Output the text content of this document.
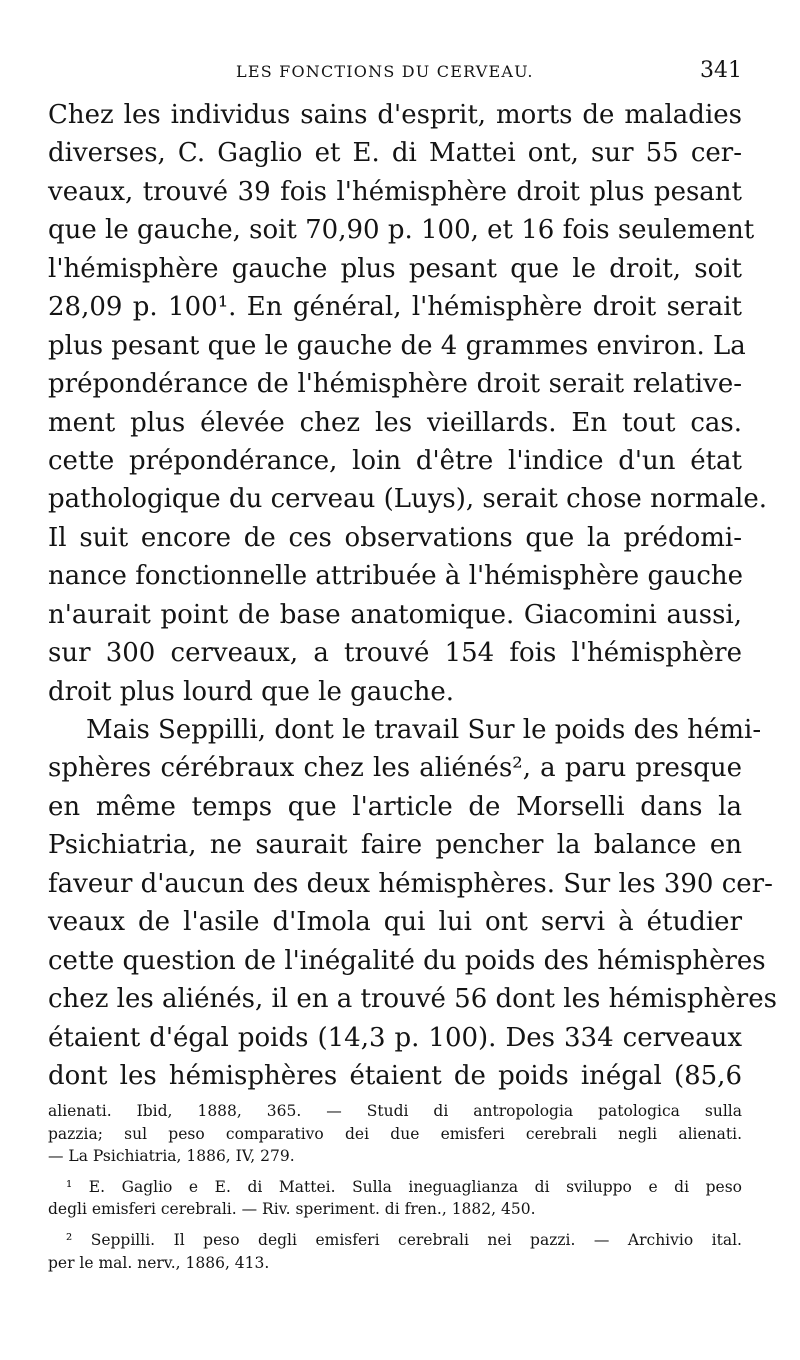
LES FONCTIONS DU CERVEAU.	341
Chez les individus sains d'esprit, morts de maladies
diverses, C. Gaglio et E. di Mattei ont, sur 55 cer-
veaux, trouvé 39 fois l'hémisphère droit plus pesant
que le gauche, soit 70,90 p. 100, et 16 fois seulement
l'hémisphère gauche plus pesant que le droit, soit
28,09 p. 100¹. En général, l'hémisphère droit serait
plus pesant que le gauche de 4 grammes environ. La
prépondérance de l'hémisphère droit serait relative-
ment plus élevée chez les vieillards. En tout cas.
cette prépondérance, loin d'être l'indice d'un état
pathologique du cerveau (Luys), serait chose normale.
Il suit encore de ces observations que la prédomi-
nance fonctionnelle attribuée à l'hémisphère gauche
n'aurait point de base anatomique. Giacomini aussi,
sur 300 cerveaux, a trouvé 154 fois l'hémisphère
droit plus lourd que le gauche.
Mais Seppilli, dont le travail Sur le poids des hémi-
sphères cérébraux chez les aliénés², a paru presque
en même temps que l'article de Morselli dans la
Psichiatria, ne saurait faire pencher la balance en
faveur d'aucun des deux hémisphères. Sur les 390 cer-
veaux de l'asile d'Imola qui lui ont servi à étudier
cette question de l'inégalité du poids des hémisphères
chez les aliénés, il en a trouvé 56 dont les hémisphères
étaient d'égal poids (14,3 p. 100). Des 334 cerveaux
dont les hémisphères étaient de poids inégal (85,6
alienati. Ibid, 1888, 365. — Studi di antropologia patologica sulla
pazzia; sul peso comparativo dei due emisferi cerebrali negli alienati.
— La Psichiatria, 1886, IV, 279.
¹ E. Gaglio e E. di Mattei. Sulla ineguaglianza di sviluppo e di peso
degli emisferi cerebrali. — Riv. speriment. di fren., 1882, 450.
² Seppilli. Il peso degli emisferi cerebrali nei pazzi. — Archivio ital.
per le mal. nerv., 1886, 413.
